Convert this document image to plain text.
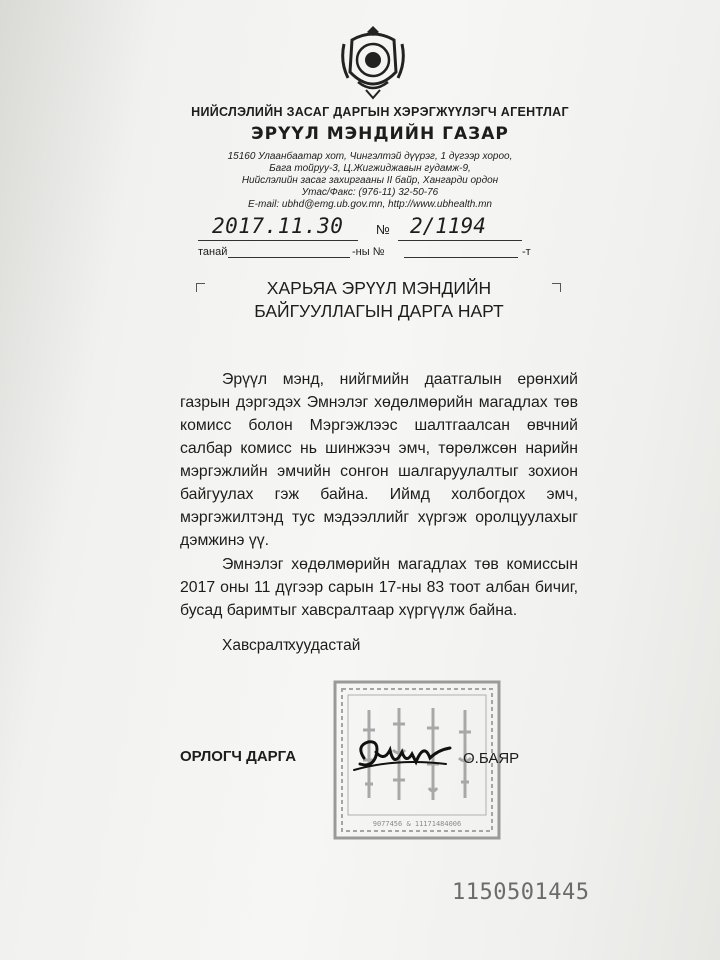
НИЙСЛЭЛИЙН ЗАСАГ ДАРГЫН ХЭРЭГЖҮҮЛЭГЧ АГЕНТЛАГ
ЭРҮҮЛ МЭНДИЙН ГАЗАР
15160 Улаанбаатар хот, Чингэлтэй дүүрэг, 1 дүгээр хороо,
Бага тойруу-3, Ц.Жигжиджавын гудамж-9,
Нийслэлийн засаг захиргааны II байр, Хангарди ордон
Утас/Факс: (976-11) 32-50-76
E-mail: ubhd@emg.ub.gov.mn, http://www.ubhealth.mn
2017.11.30	№ 2/1194
танай	-ны №	-т
ХАРЬЯА ЭРҮҮЛ МЭНДИЙН БАЙГУУЛЛАГЫН ДАРГА НАРТ
Эрүүл мэнд, нийгмийн даатгалын ерөнхий газрын дэргэдэх Эмнэлэг хөдөлмөрийн магадлах төв комисс болон Мэргэжлээс шалтгаалсан өвчний салбар комисс нь шинжээч эмч, төрөлжсөн нарийн мэргэжлийн эмчийн сонгон шалгаруулалтыг зохион байгуулах гэж байна. Иймд холбогдох эмч, мэргэжилтэнд тус мэдээллийг хүргэж оролцуулахыг дэмжинэ үү.
Эмнэлэг хөдөлмөрийн магадлах төв комиссын 2017 оны 11 дүгээр сарын 17-ны 83 тоот албан бичиг, бусад баримтыг хавсралтаар хүргүүлж байна.
Хавсралт
хуудастай
9077456 & 11171484006
ОРЛОГЧ ДАРГА	О.БАЯР
1150501445
